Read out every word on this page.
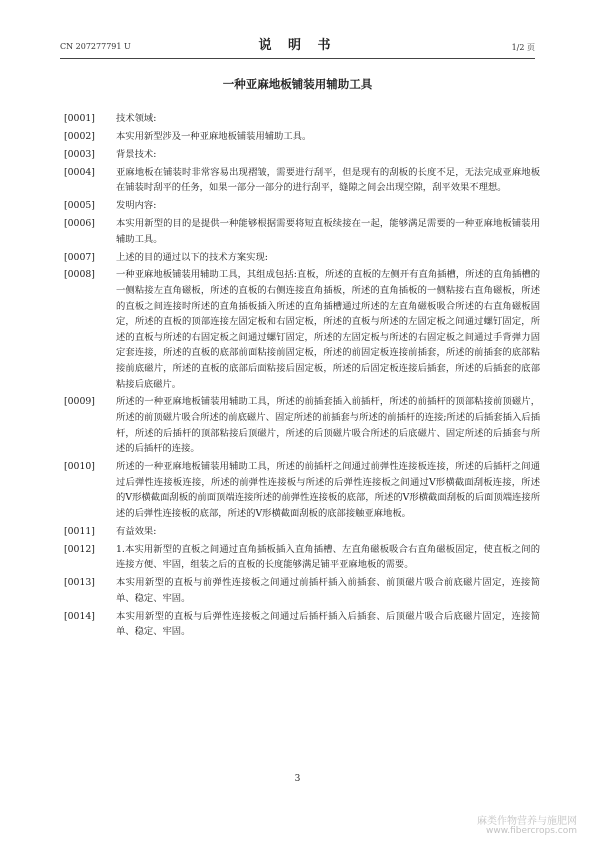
CN 207277791 U	说 明 书	1/2 页
一种亚麻地板铺装用辅助工具
[0001]	技术领域:
[0002]	本实用新型涉及一种亚麻地板铺装用辅助工具。
[0003]	背景技术:
[0004]	亚麻地板在铺装时非常容易出现褶皱，需要进行刮平，但是现有的刮板的长度不足，无法完成亚麻地板在铺装时刮平的任务，如果一部分一部分的进行刮平，缝隙之间会出现空隙，刮平效果不理想。
[0005]	发明内容:
[0006]	本实用新型的目的是提供一种能够根据需要将短直板续接在一起，能够满足需要的一种亚麻地板铺装用辅助工具。
[0007]	上述的目的通过以下的技术方案实现:
[0008]	一种亚麻地板铺装用辅助工具，其组成包括:直板，所述的直板的左侧开有直角插槽，所述的直角插槽的一侧粘接左直角磁板，所述的直板的右侧连接直角插板，所述的直角插板的一侧粘接右直角磁板，所述的直板之间连接时所述的直角插板插入所述的直角插槽通过所述的左直角磁板吸合所述的右直角磁板固定，所述的直板的顶部连接左固定板和右固定板，所述的直板与所述的左固定板之间通过螺钉固定，所述的直板与所述的右固定板之间通过螺钉固定，所述的左固定板与所述的右固定板之间通过手背弹力固定套连接，所述的直板的底部前面粘接前固定板，所述的前固定板连接前插套，所述的前插套的底部粘接前底磁片，所述的直板的底部后面粘接后固定板，所述的后固定板连接后插套，所述的后插套的底部粘接后底磁片。
[0009]	所述的一种亚麻地板铺装用辅助工具，所述的前插套插入前插杆，所述的前插杆的顶部粘接前顶磁片，所述的前顶磁片吸合所述的前底磁片、固定所述的前插套与所述的前插杆的连接;所述的后插套插入后插杆，所述的后插杆的顶部粘接后顶磁片，所述的后顶磁片吸合所述的后底磁片、固定所述的后插套与所述的后插杆的连接。
[0010]	所述的一种亚麻地板铺装用辅助工具，所述的前插杆之间通过前弹性连接板连接，所述的后插杆之间通过后弹性连接板连接，所述的前弹性连接板与所述的后弹性连接板之间通过V形横截面刮板连接，所述的V形横截面刮板的前面顶端连接所述的前弹性连接板的底部，所述的V形横截面刮板的后面顶端连接所述的后弹性连接板的底部，所述的V形横截面刮板的底部接触亚麻地板。
[0011]	有益效果:
[0012]	1.本实用新型的直板之间通过直角插板插入直角插槽、左直角磁板吸合右直角磁板固定，使直板之间的连接方便、牢固，组装之后的直板的长度能够满足铺平亚麻地板的需要。
[0013]	本实用新型的直板与前弹性连接板之间通过前插杆插入前插套、前顶磁片吸合前底磁片固定，连接简单、稳定、牢固。
[0014]	本实用新型的直板与后弹性连接板之间通过后插杆插入后插套、后顶磁片吸合后底磁片固定，连接简单、稳定、牢固。
3
麻类作物营养与施肥网
www.fibercrops.com
